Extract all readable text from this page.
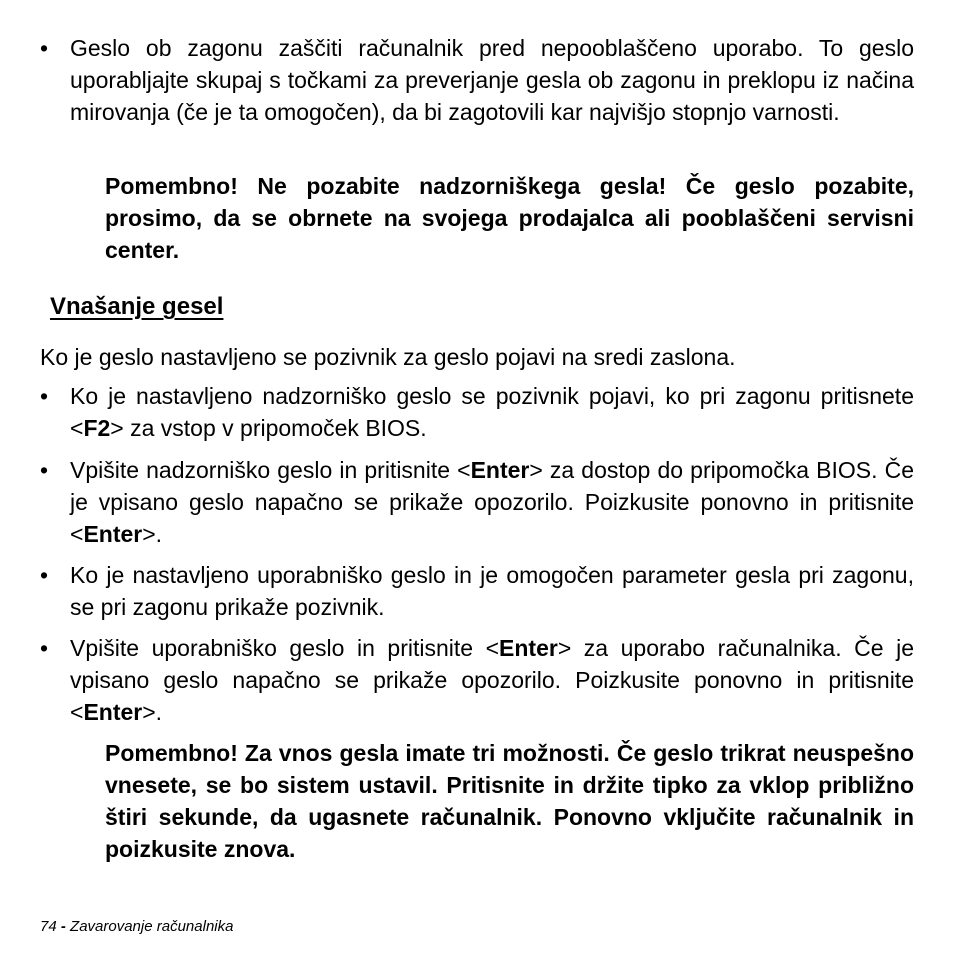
• Geslo ob zagonu zaščiti računalnik pred nepooblaščeno uporabo. To geslo uporabljajte skupaj s točkami za preverjanje gesla ob zagonu in preklopu iz načina mirovanja (če je ta omogočen), da bi zagotovili kar najvišjo stopnjo varnosti.
Pomembno! Ne pozabite nadzorniškega gesla! Če geslo pozabite, prosimo, da se obrnete na svojega prodajalca ali pooblaščeni servisni center.
Vnašanje gesel
Ko je geslo nastavljeno se pozivnik za geslo pojavi na sredi zaslona.
• Ko je nastavljeno nadzorniško geslo se pozivnik pojavi, ko pri zagonu pritisnete <F2> za vstop v pripomoček BIOS.
• Vpišite nadzorniško geslo in pritisnite <Enter> za dostop do pripomočka BIOS. Če je vpisano geslo napačno se prikaže opozorilo. Poizkusite ponovno in pritisnite <Enter>.
• Ko je nastavljeno uporabniško geslo in je omogočen parameter gesla pri zagonu, se pri zagonu prikaže pozivnik.
• Vpišite uporabniško geslo in pritisnite <Enter> za uporabo računalnika. Če je vpisano geslo napačno se prikaže opozorilo. Poizkusite ponovno in pritisnite <Enter>.
Pomembno! Za vnos gesla imate tri možnosti. Če geslo trikrat neuspešno vnesete, se bo sistem ustavil. Pritisnite in držite tipko za vklop približno štiri sekunde, da ugasnete računalnik. Ponovno vključite računalnik in poizkusite znova.
74 - Zavarovanje računalnika
